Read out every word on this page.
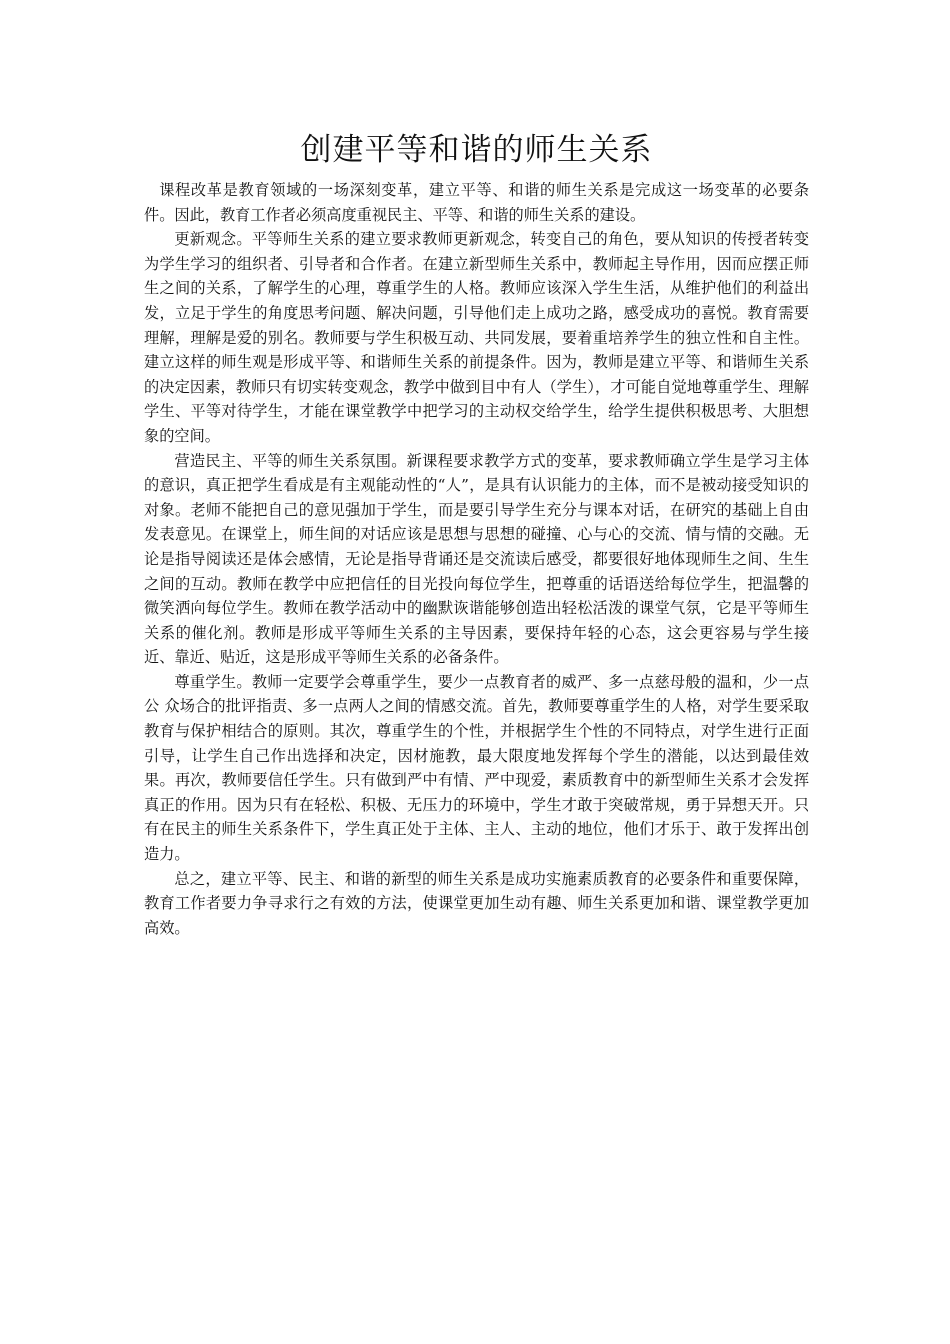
创建平等和谐的师生关系

课程改革是教育领域的一场深刻变革，建立平等、和谐的师生关系是完成这一场变革的必要条件。因此，教育工作者必须高度重视民主、平等、和谐的师生关系的建设。

更新观念。平等师生关系的建立要求教师更新观念，转变自己的角色，要从知识的传授者转变为学生学习的组织者、引导者和合作者。在建立新型师生关系中，教师起主导作用，因而应摆正师生之间的关系，了解学生的心理，尊重学生的人格。教师应该深入学生生活，从维护他们的利益出发，立足于学生的角度思考问题、解决问题，引导他们走上成功之路，感受成功的喜悦。教育需要理解，理解是爱的别名。教师要与学生积极互动、共同发展，要着重培养学生的独立性和自主性。建立这样的师生观是形成平等、和谐师生关系的前提条件。因为，教师是建立平等、和谐师生关系的决定因素，教师只有切实转变观念，教学中做到目中有人（学生），才可能自觉地尊重学生、理解学生、平等对待学生，才能在课堂教学中把学习的主动权交给学生，给学生提供积极思考、大胆想象的空间。

营造民主、平等的师生关系氛围。新课程要求教学方式的变革，要求教师确立学生是学习主体的意识，真正把学生看成是有主观能动性的“人”，是具有认识能力的主体，而不是被动接受知识的对象。老师不能把自己的意见强加于学生，而是要引导学生充分与课本对话，在研究的基础上自由发表意见。在课堂上，师生间的对话应该是思想与思想的碰撞、心与心的交流、情与情的交融。无论是指导阅读还是体会感情，无论是指导背诵还是交流读后感受，都要很好地体现师生之间、生生之间的互动。教师在教学中应把信任的目光投向每位学生，把尊重的话语送给每位学生，把温馨的微笑洒向每位学生。教师在教学活动中的幽默诙谐能够创造出轻松活泼的课堂气氛，它是平等师生关系的催化剂。教师是形成平等师生关系的主导因素，要保持年轻的心态，这会更容易与学生接近、靠近、贴近，这是形成平等师生关系的必备条件。

尊重学生。教师一定要学会尊重学生，要少一点教育者的威严、多一点慈母般的温和，少一点公 众场合的批评指责、多一点两人之间的情感交流。首先，教师要尊重学生的人格，对学生要采取教育与保护相结合的原则。其次，尊重学生的个性，并根据学生个性的不同特点，对学生进行正面引导，让学生自己作出选择和决定，因材施教，最大限度地发挥每个学生的潜能，以达到最佳效果。再次，教师要信任学生。只有做到严中有情、严中现爱，素质教育中的新型师生关系才会发挥真正的作用。因为只有在轻松、积极、无压力的环境中，学生才敢于突破常规，勇于异想天开。只有在民主的师生关系条件下，学生真正处于主体、主人、主动的地位，他们才乐于、敢于发挥出创造力。

总之，建立平等、民主、和谐的新型的师生关系是成功实施素质教育的必要条件和重要保障，教育工作者要力争寻求行之有效的方法，使课堂更加生动有趣、师生关系更加和谐、课堂教学更加高效。
